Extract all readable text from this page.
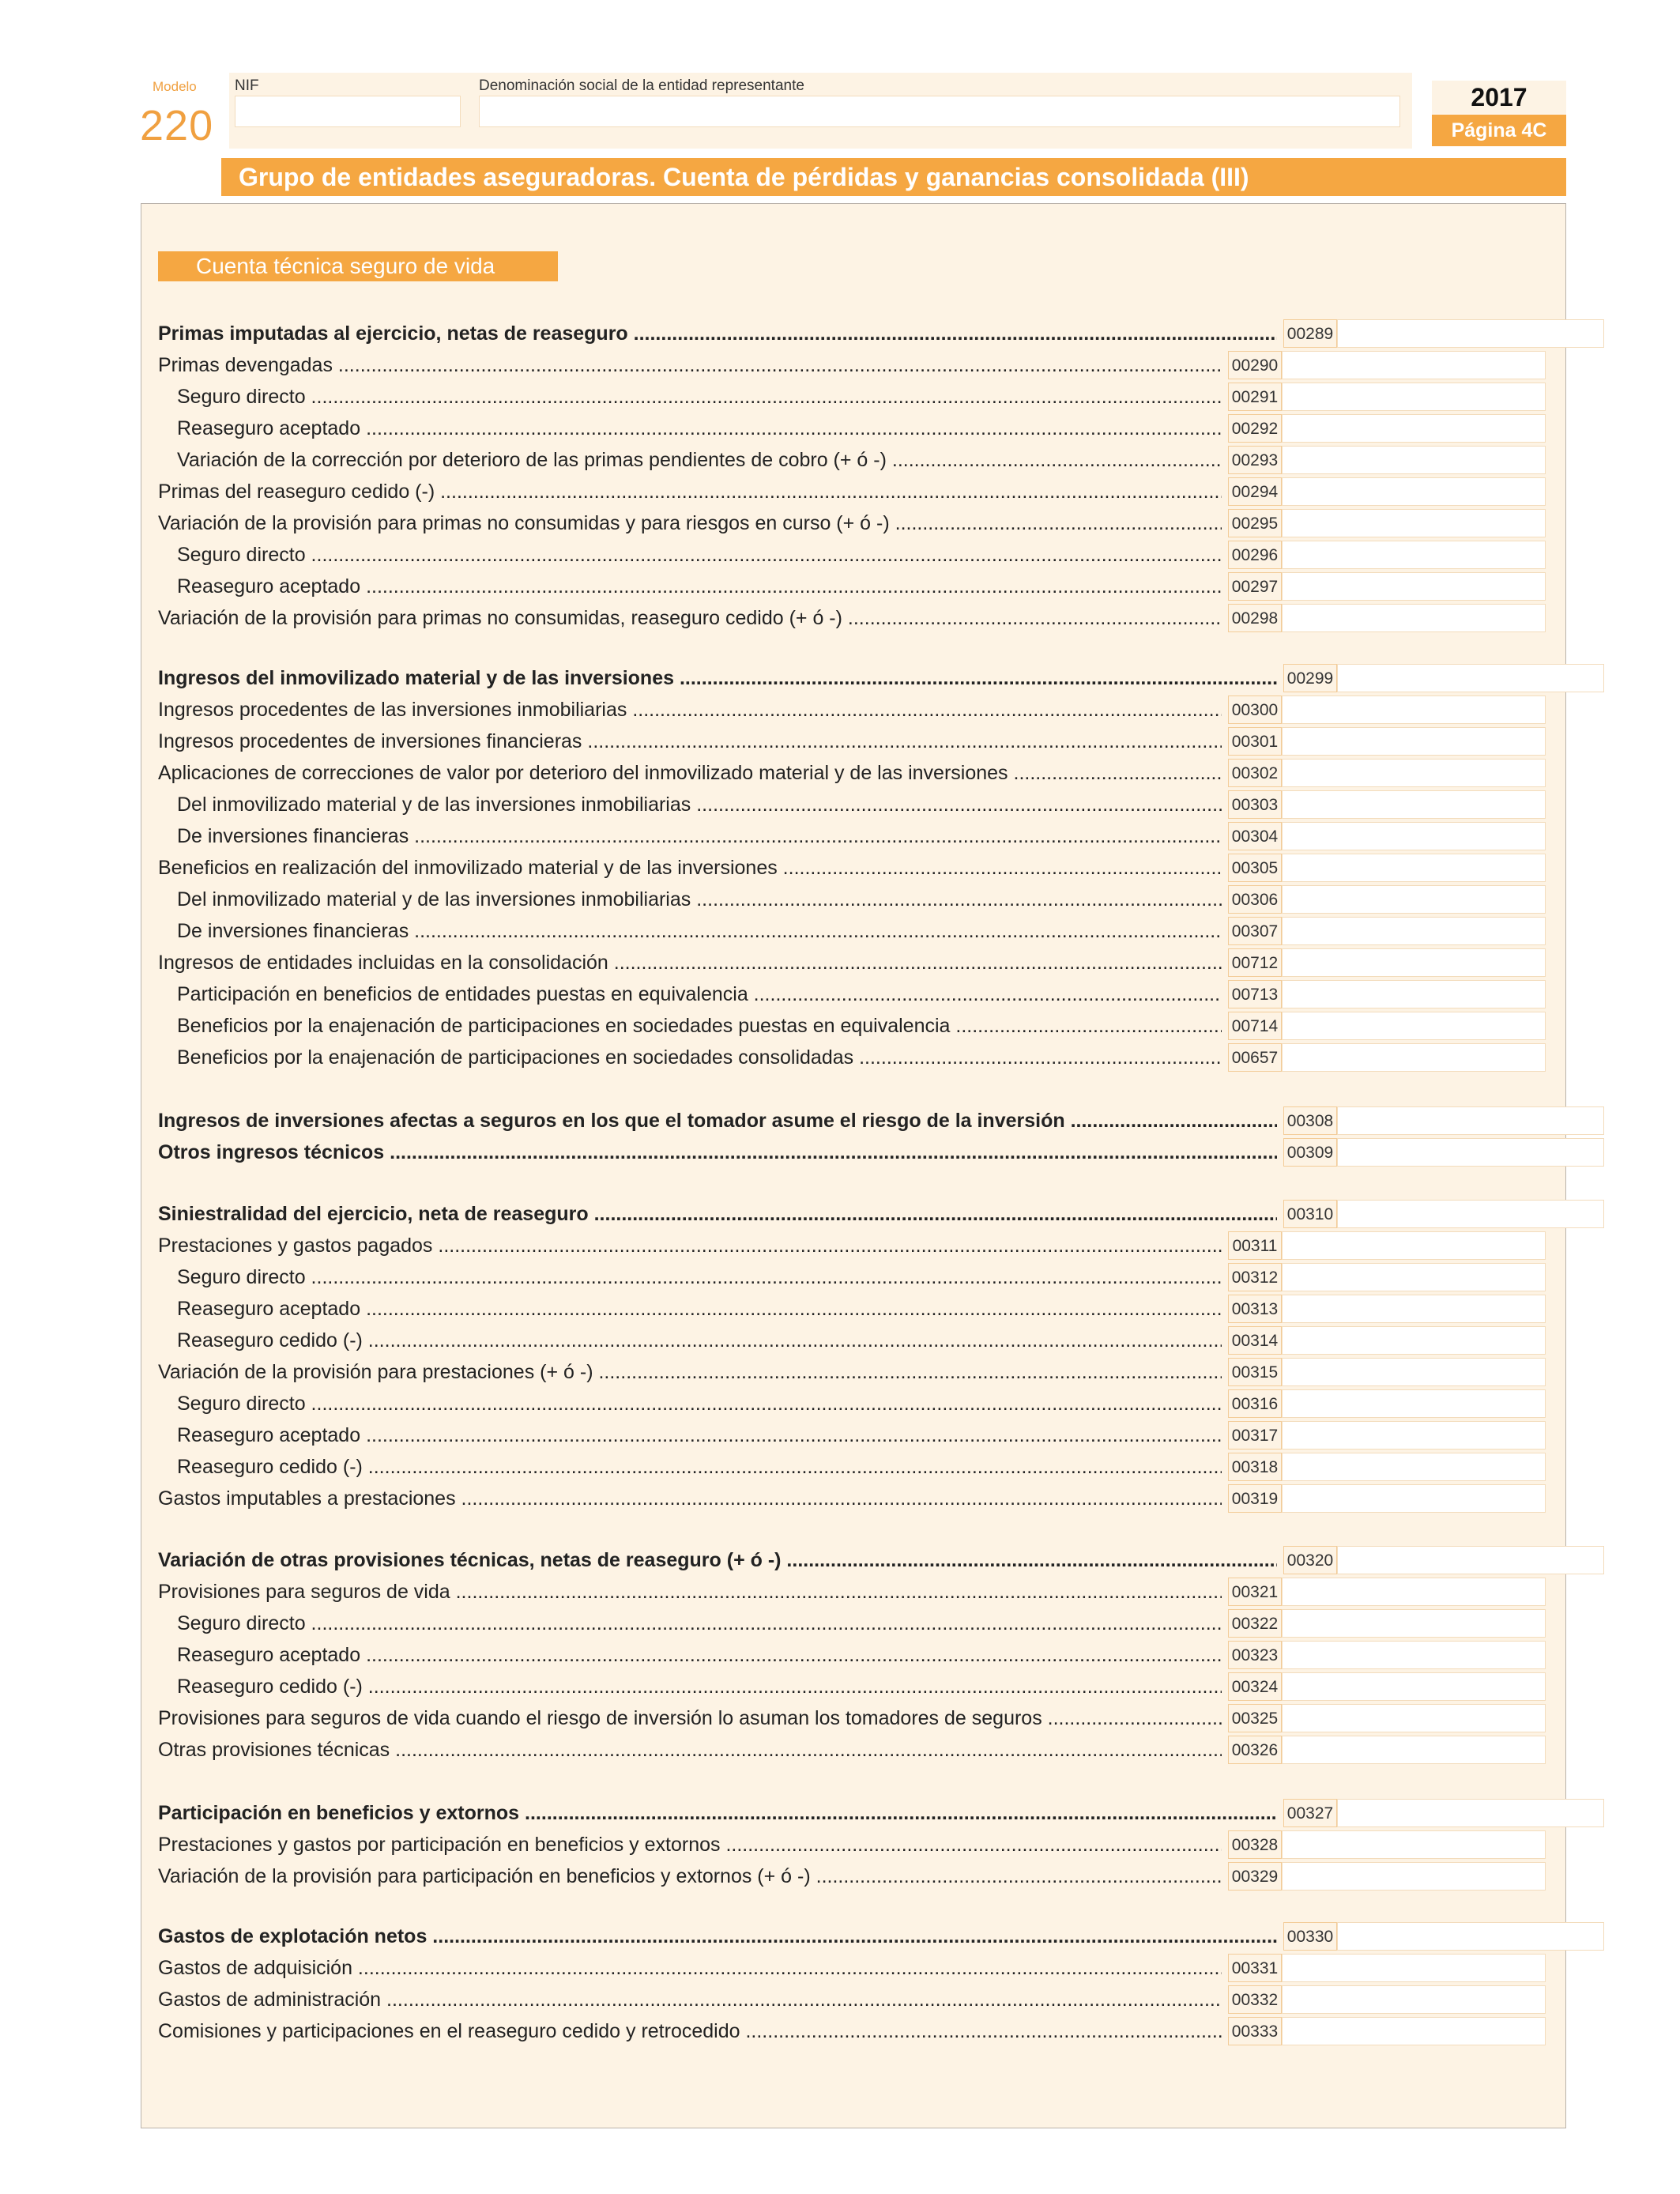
Modelo
220
NIF	Denominación social de la entidad representante	2017
Página 4C
Grupo de entidades aseguradoras. Cuenta de pérdidas y ganancias consolidada (III)
Cuenta técnica seguro de vida
Primas imputadas al ejercicio, netas de reaseguro .....	00289
Primas devengadas .....	00290
Seguro directo .....	00291
Reaseguro aceptado .....	00292
Variación de la corrección por deterioro de las primas pendientes de cobro (+ ó -) .....	00293
Primas del reaseguro cedido (-) .....	00294
Variación de la provisión para primas no consumidas y para riesgos en curso (+ ó -) .....	00295
Seguro directo .....	00296
Reaseguro aceptado .....	00297
Variación de la provisión para primas no consumidas, reaseguro cedido (+ ó -) .....	00298
Ingresos del inmovilizado material y de las inversiones .....	00299
Ingresos procedentes de las inversiones inmobiliarias .....	00300
Ingresos procedentes de inversiones financieras .....	00301
Aplicaciones de correcciones de valor por deterioro del inmovilizado material y de las inversiones .....	00302
Del inmovilizado material y de las inversiones inmobiliarias .....	00303
De inversiones financieras .....	00304
Beneficios en realización del inmovilizado material y de las inversiones .....	00305
Del inmovilizado material y de las inversiones inmobiliarias .....	00306
De inversiones financieras .....	00307
Ingresos de entidades incluidas en la consolidación .....	00712
Participación en beneficios de entidades puestas en equivalencia .....	00713
Beneficios por la enajenación de participaciones en sociedades puestas en equivalencia .....	00714
Beneficios por la enajenación de participaciones en sociedades consolidadas .....	00657
Ingresos de inversiones afectas a seguros en los que el tomador asume el riesgo de la inversión .....	00308
Otros ingresos técnicos .....	00309
Siniestralidad del ejercicio, neta de reaseguro .....	00310
Prestaciones y gastos pagados .....	00311
Seguro directo .....	00312
Reaseguro aceptado .....	00313
Reaseguro cedido (-) .....	00314
Variación de la provisión para prestaciones (+ ó -) .....	00315
Seguro directo .....	00316
Reaseguro aceptado .....	00317
Reaseguro cedido (-) .....	00318
Gastos imputables a prestaciones .....	00319
Variación de otras provisiones técnicas, netas de reaseguro (+ ó -) .....	00320
Provisiones para seguros de vida .....	00321
Seguro directo .....	00322
Reaseguro aceptado .....	00323
Reaseguro cedido (-) .....	00324
Provisiones para seguros de vida cuando el riesgo de inversión lo asuman los tomadores de seguros .....	00325
Otras provisiones técnicas .....	00326
Participación en beneficios y extornos .....	00327
Prestaciones y gastos por participación en beneficios y extornos .....	00328
Variación de la provisión para participación en beneficios y extornos (+ ó -) .....	00329
Gastos de explotación netos .....	00330
Gastos de adquisición .....	00331
Gastos de administración .....	00332
Comisiones y participaciones en el reaseguro cedido y retrocedido .....	00333
